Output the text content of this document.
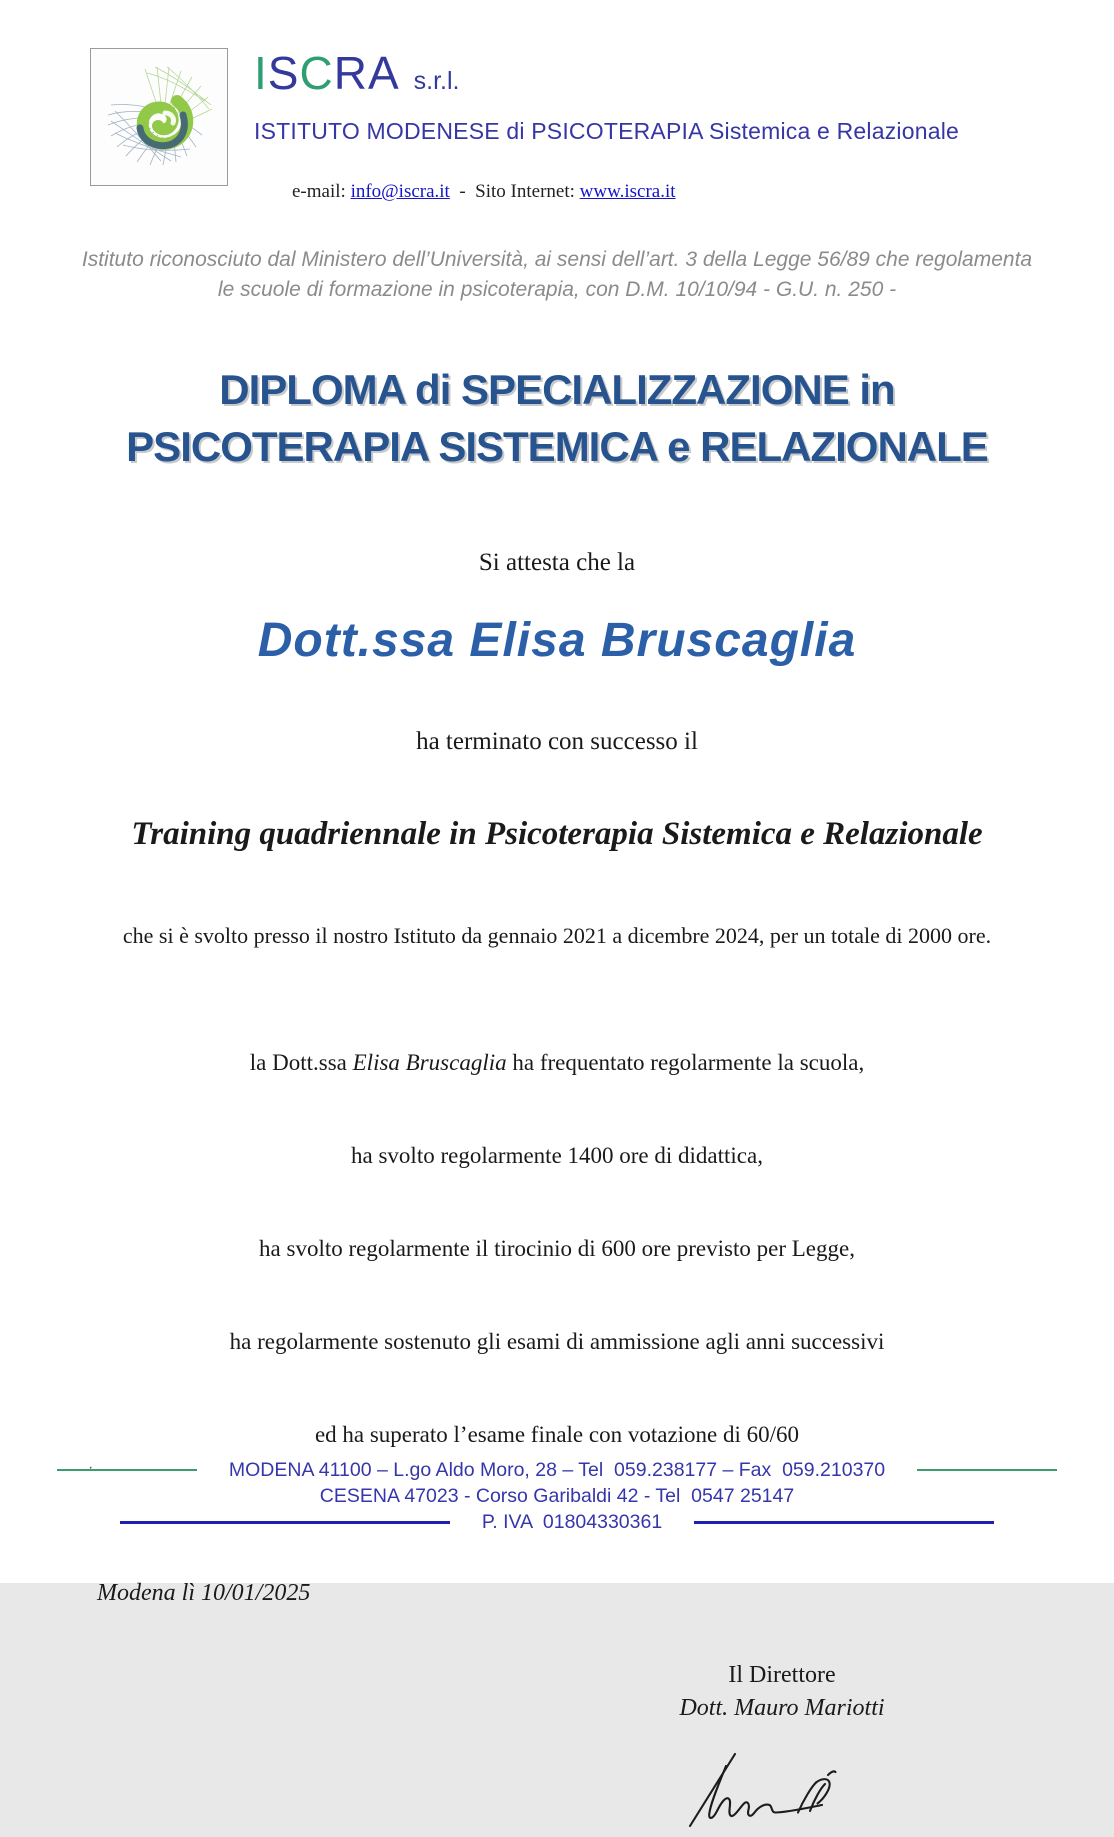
ISCRA s.r.l.
ISTITUTO MODENESE di PSICOTERAPIA Sistemica e Relazionale

e-mail: info@iscra.it  -  Sito Internet: www.iscra.it

Istituto riconosciuto dal Ministero dell’Università, ai sensi dell’art. 3 della Legge 56/89 che regolamenta
le scuole di formazione in psicoterapia, con D.M. 10/10/94 - G.U. n. 250 -
DIPLOMA di SPECIALIZZAZIONE in
PSICOTERAPIA SISTEMICA e RELAZIONALE
Si attesta che la
Dott.ssa Elisa Bruscaglia
ha terminato con successo il
Training quadriennale in Psicoterapia Sistemica e Relazionale
che si è svolto presso il nostro Istituto da gennaio 2021 a dicembre 2024, per un totale di 2000 ore.

la Dott.ssa Elisa Bruscaglia ha frequentato regolarmente la scuola,

ha svolto regolarmente 1400 ore di didattica,

ha svolto regolarmente il tirocinio di 600 ore previsto per Legge,

ha regolarmente sostenuto gli esami di ammissione agli anni successivi

ed ha superato l’esame finale con votazione di 60/60

Modena lì 10/01/2025
Il Direttore
Dott. Mauro Mariotti
·	MODENA 41100 – L.go Aldo Moro, 28 – Tel  059.238177 – Fax  059.210370
CESENA 47023 - Corso Garibaldi 42 - Tel  0547 25147
P. IVA  01804330361
